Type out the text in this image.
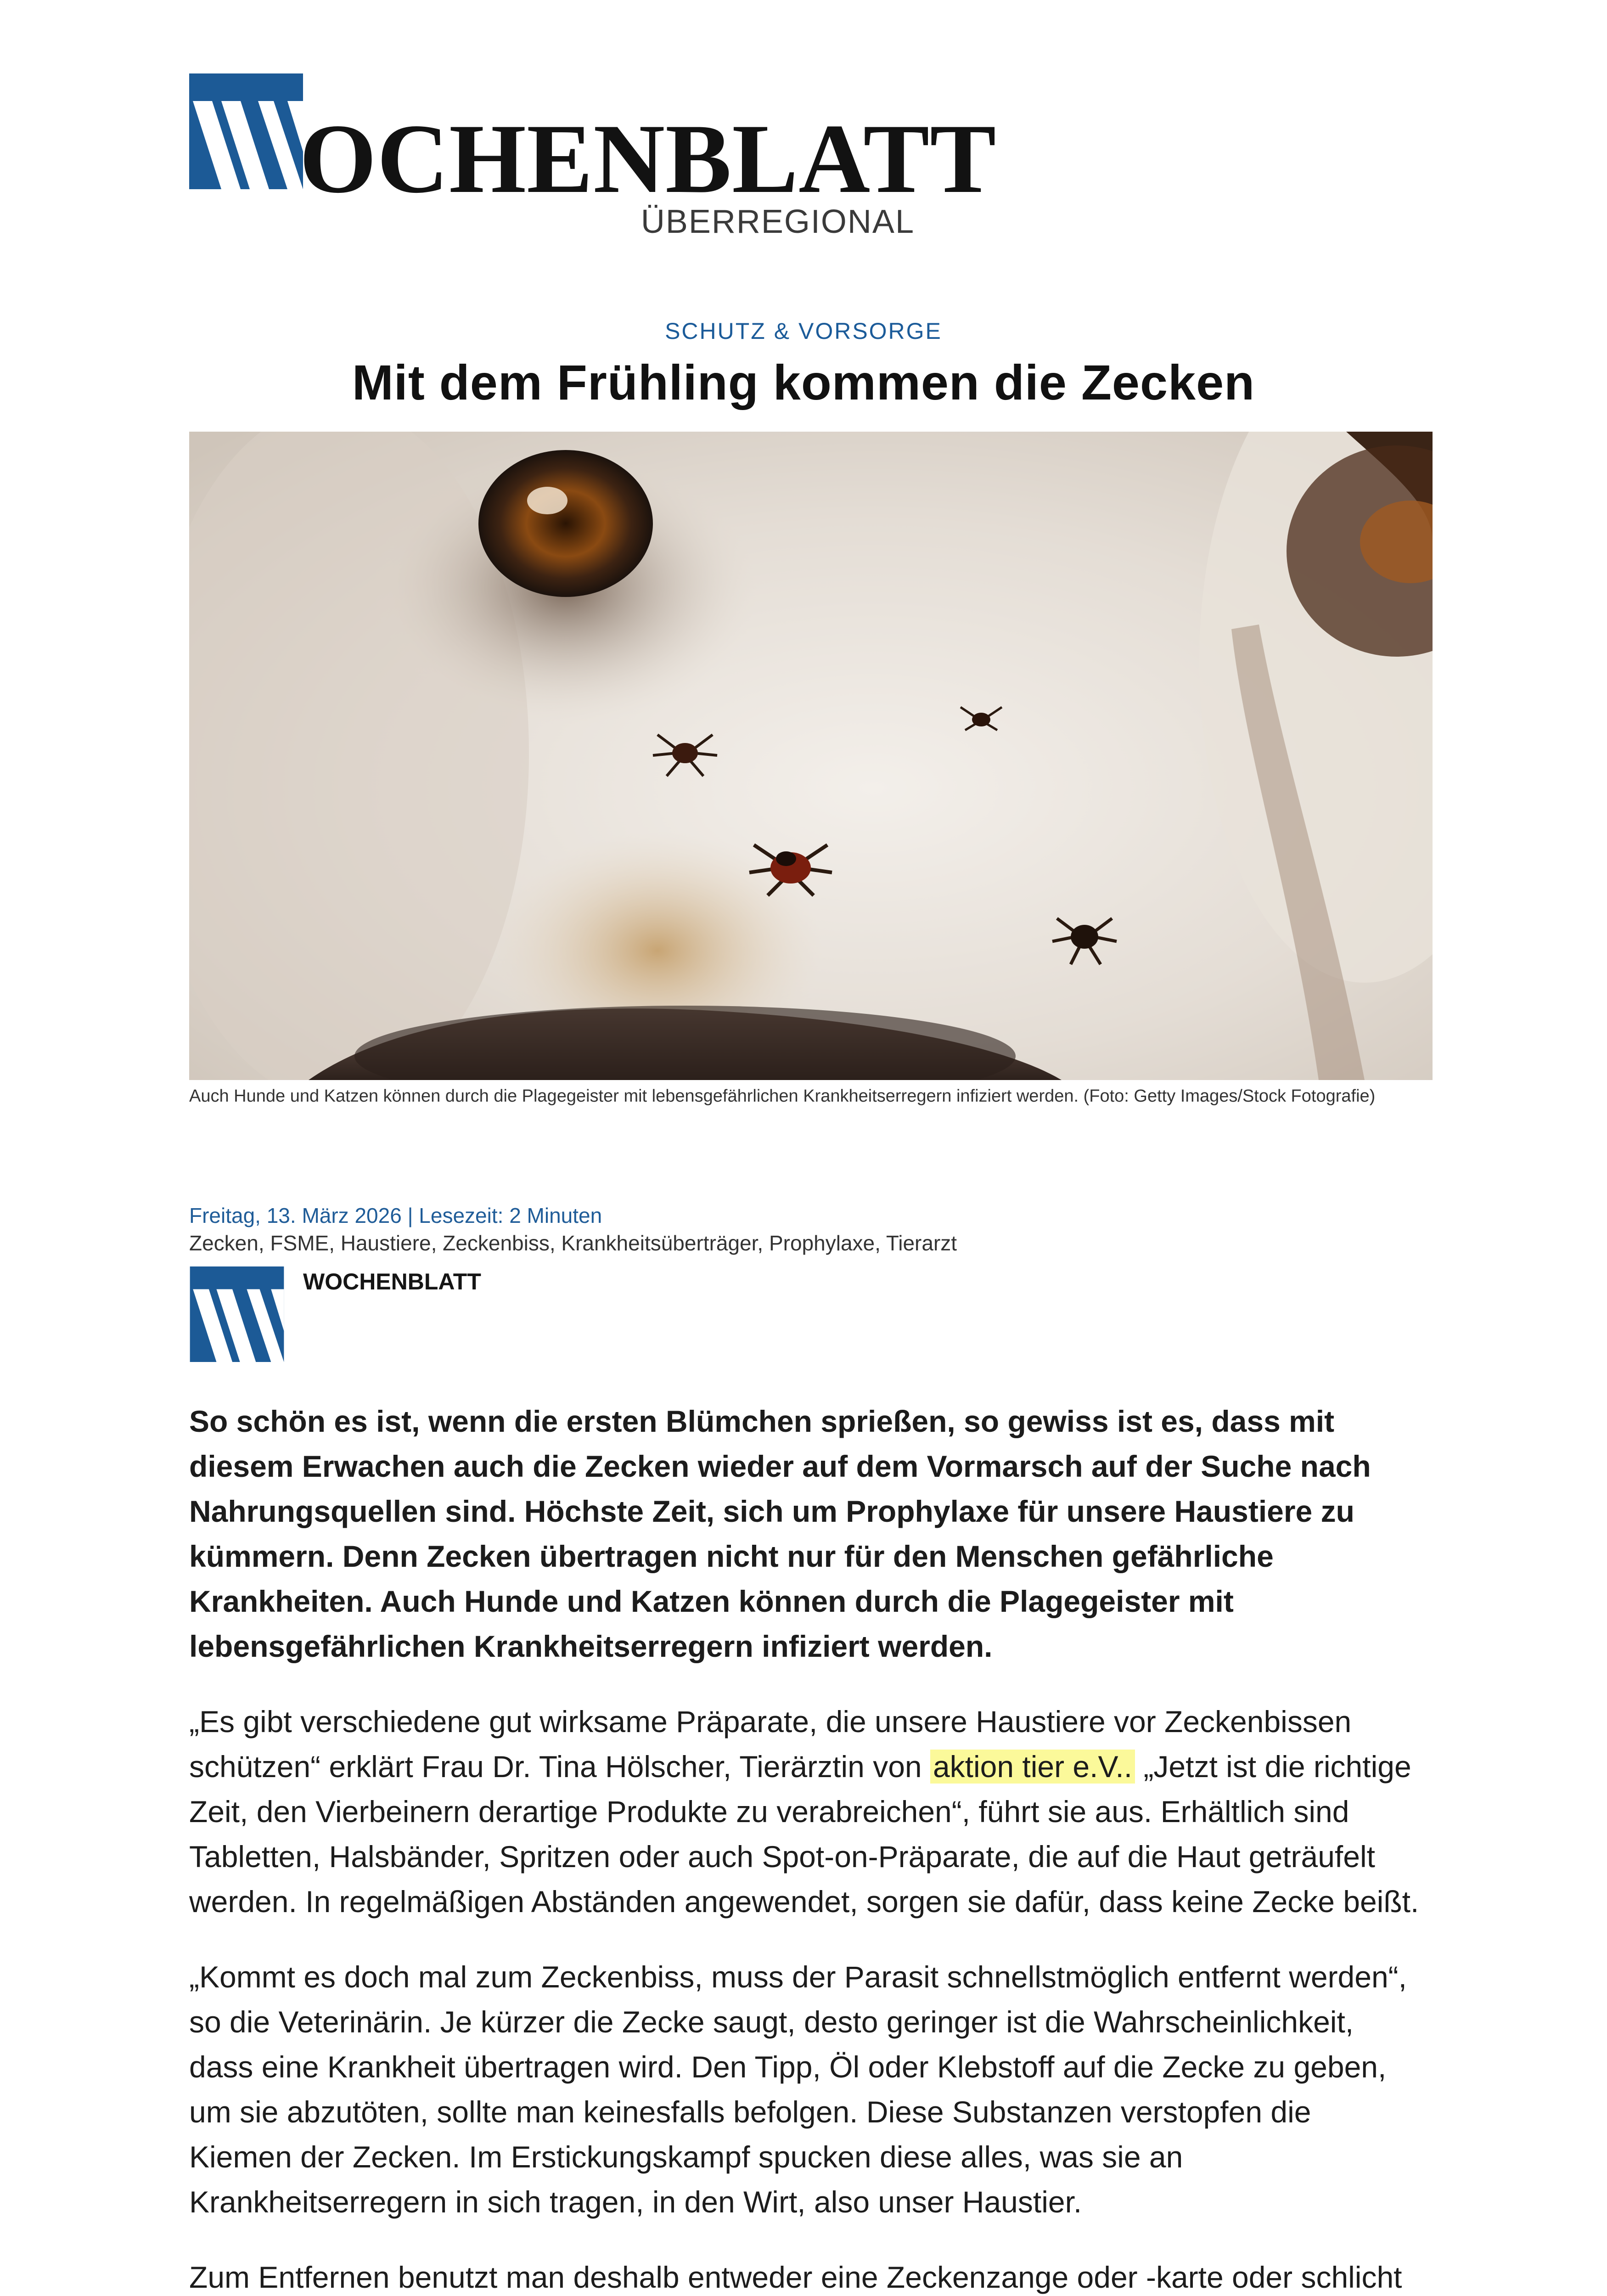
OCHENBLATT
ÜBERREGIONAL
SCHUTZ & VORSORGE
Mit dem Frühling kommen die Zecken
Auch Hunde und Katzen können durch die Plagegeister mit lebensgefährlichen Krankheitserregern infiziert werden. (Foto: Getty Images/Stock Fotografie)
Freitag, 13. März 2026 | Lesezeit: 2 Minuten
Zecken, FSME, Haustiere, Zeckenbiss, Krankheitsüberträger, Prophylaxe, Tierarzt
WOCHENBLATT

So schön es ist, wenn die ersten Blümchen sprießen, so gewiss ist es, dass mit diesem Erwachen auch die Zecken wieder auf dem Vormarsch auf der Suche nach Nahrungsquellen sind. Höchste Zeit, sich um Prophylaxe für unsere Haustiere zu kümmern. Denn Zecken übertragen nicht nur für den Menschen gefährliche Krankheiten. Auch Hunde und Katzen können durch die Plagegeister mit lebensgefährlichen Krankheitserregern infiziert werden.

„Es gibt verschiedene gut wirksame Präparate, die unsere Haustiere vor Zeckenbissen schützen“ erklärt Frau Dr. Tina Hölscher, Tierärztin von aktion tier e.V.. „Jetzt ist die richtige Zeit, den Vierbeinern derartige Produkte zu verabreichen“, führt sie aus. Erhältlich sind Tabletten, Halsbänder, Spritzen oder auch Spot-on-Präparate, die auf die Haut geträufelt werden. In regelmäßigen Abständen angewendet, sorgen sie dafür, dass keine Zecke beißt.

„Kommt es doch mal zum Zeckenbiss, muss der Parasit schnellstmöglich entfernt werden“, so die Veterinärin. Je kürzer die Zecke saugt, desto geringer ist die Wahrscheinlichkeit, dass eine Krankheit übertragen wird. Den Tipp, Öl oder Klebstoff auf die Zecke zu geben, um sie abzutöten, sollte man keinesfalls befolgen. Diese Substanzen verstopfen die Kiemen der Zecken. Im Erstickungskampf spucken diese alles, was sie an Krankheitserregern in sich tragen, in den Wirt, also unser Haustier.

Zum Entfernen benutzt man deshalb entweder eine Zeckenzange oder -karte oder schlicht
